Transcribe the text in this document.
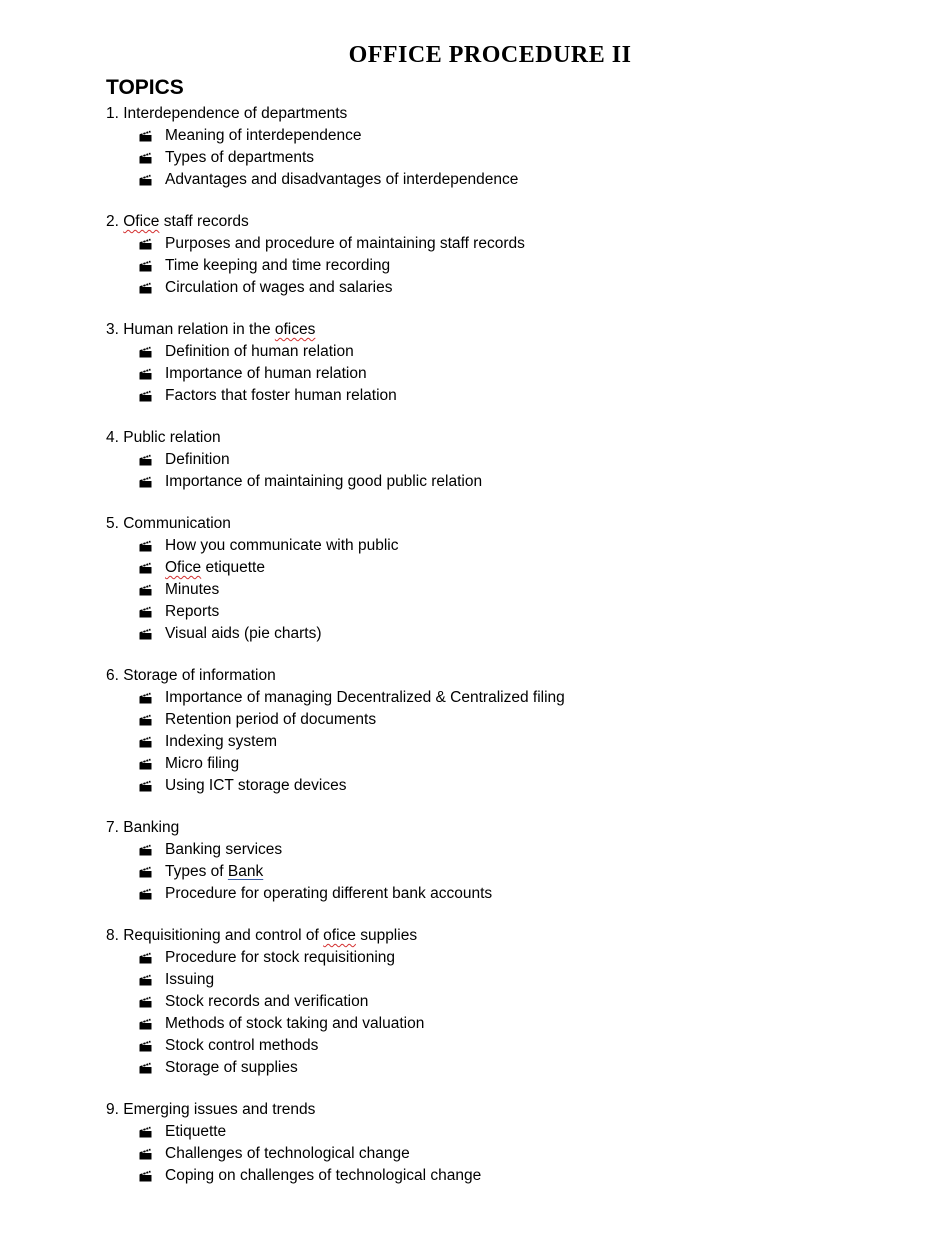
OFFICE PROCEDURE II
TOPICS
1. Interdependence of departments
Meaning of interdependence
Types of departments
Advantages and disadvantages of interdependence
2. Ofice staff records
Purposes and procedure of maintaining staff records
Time keeping and time recording
Circulation of wages and salaries
3. Human relation in the ofices
Definition of human relation
Importance of human relation
Factors that foster human relation
4. Public relation
Definition
Importance of maintaining good public relation
5. Communication
How you communicate with public
Ofice etiquette
Minutes
Reports
Visual aids (pie charts)
6. Storage of information
Importance of managing Decentralized & Centralized filing
Retention period of documents
Indexing system
Micro filing
Using ICT storage devices
7. Banking
Banking services
Types of Bank
Procedure for operating different bank accounts
8. Requisitioning and control of ofice supplies
Procedure for stock requisitioning
Issuing
Stock records and verification
Methods of stock taking and valuation
Stock control methods
Storage of supplies
9. Emerging issues and trends
Etiquette
Challenges of technological change
Coping on challenges of technological change
